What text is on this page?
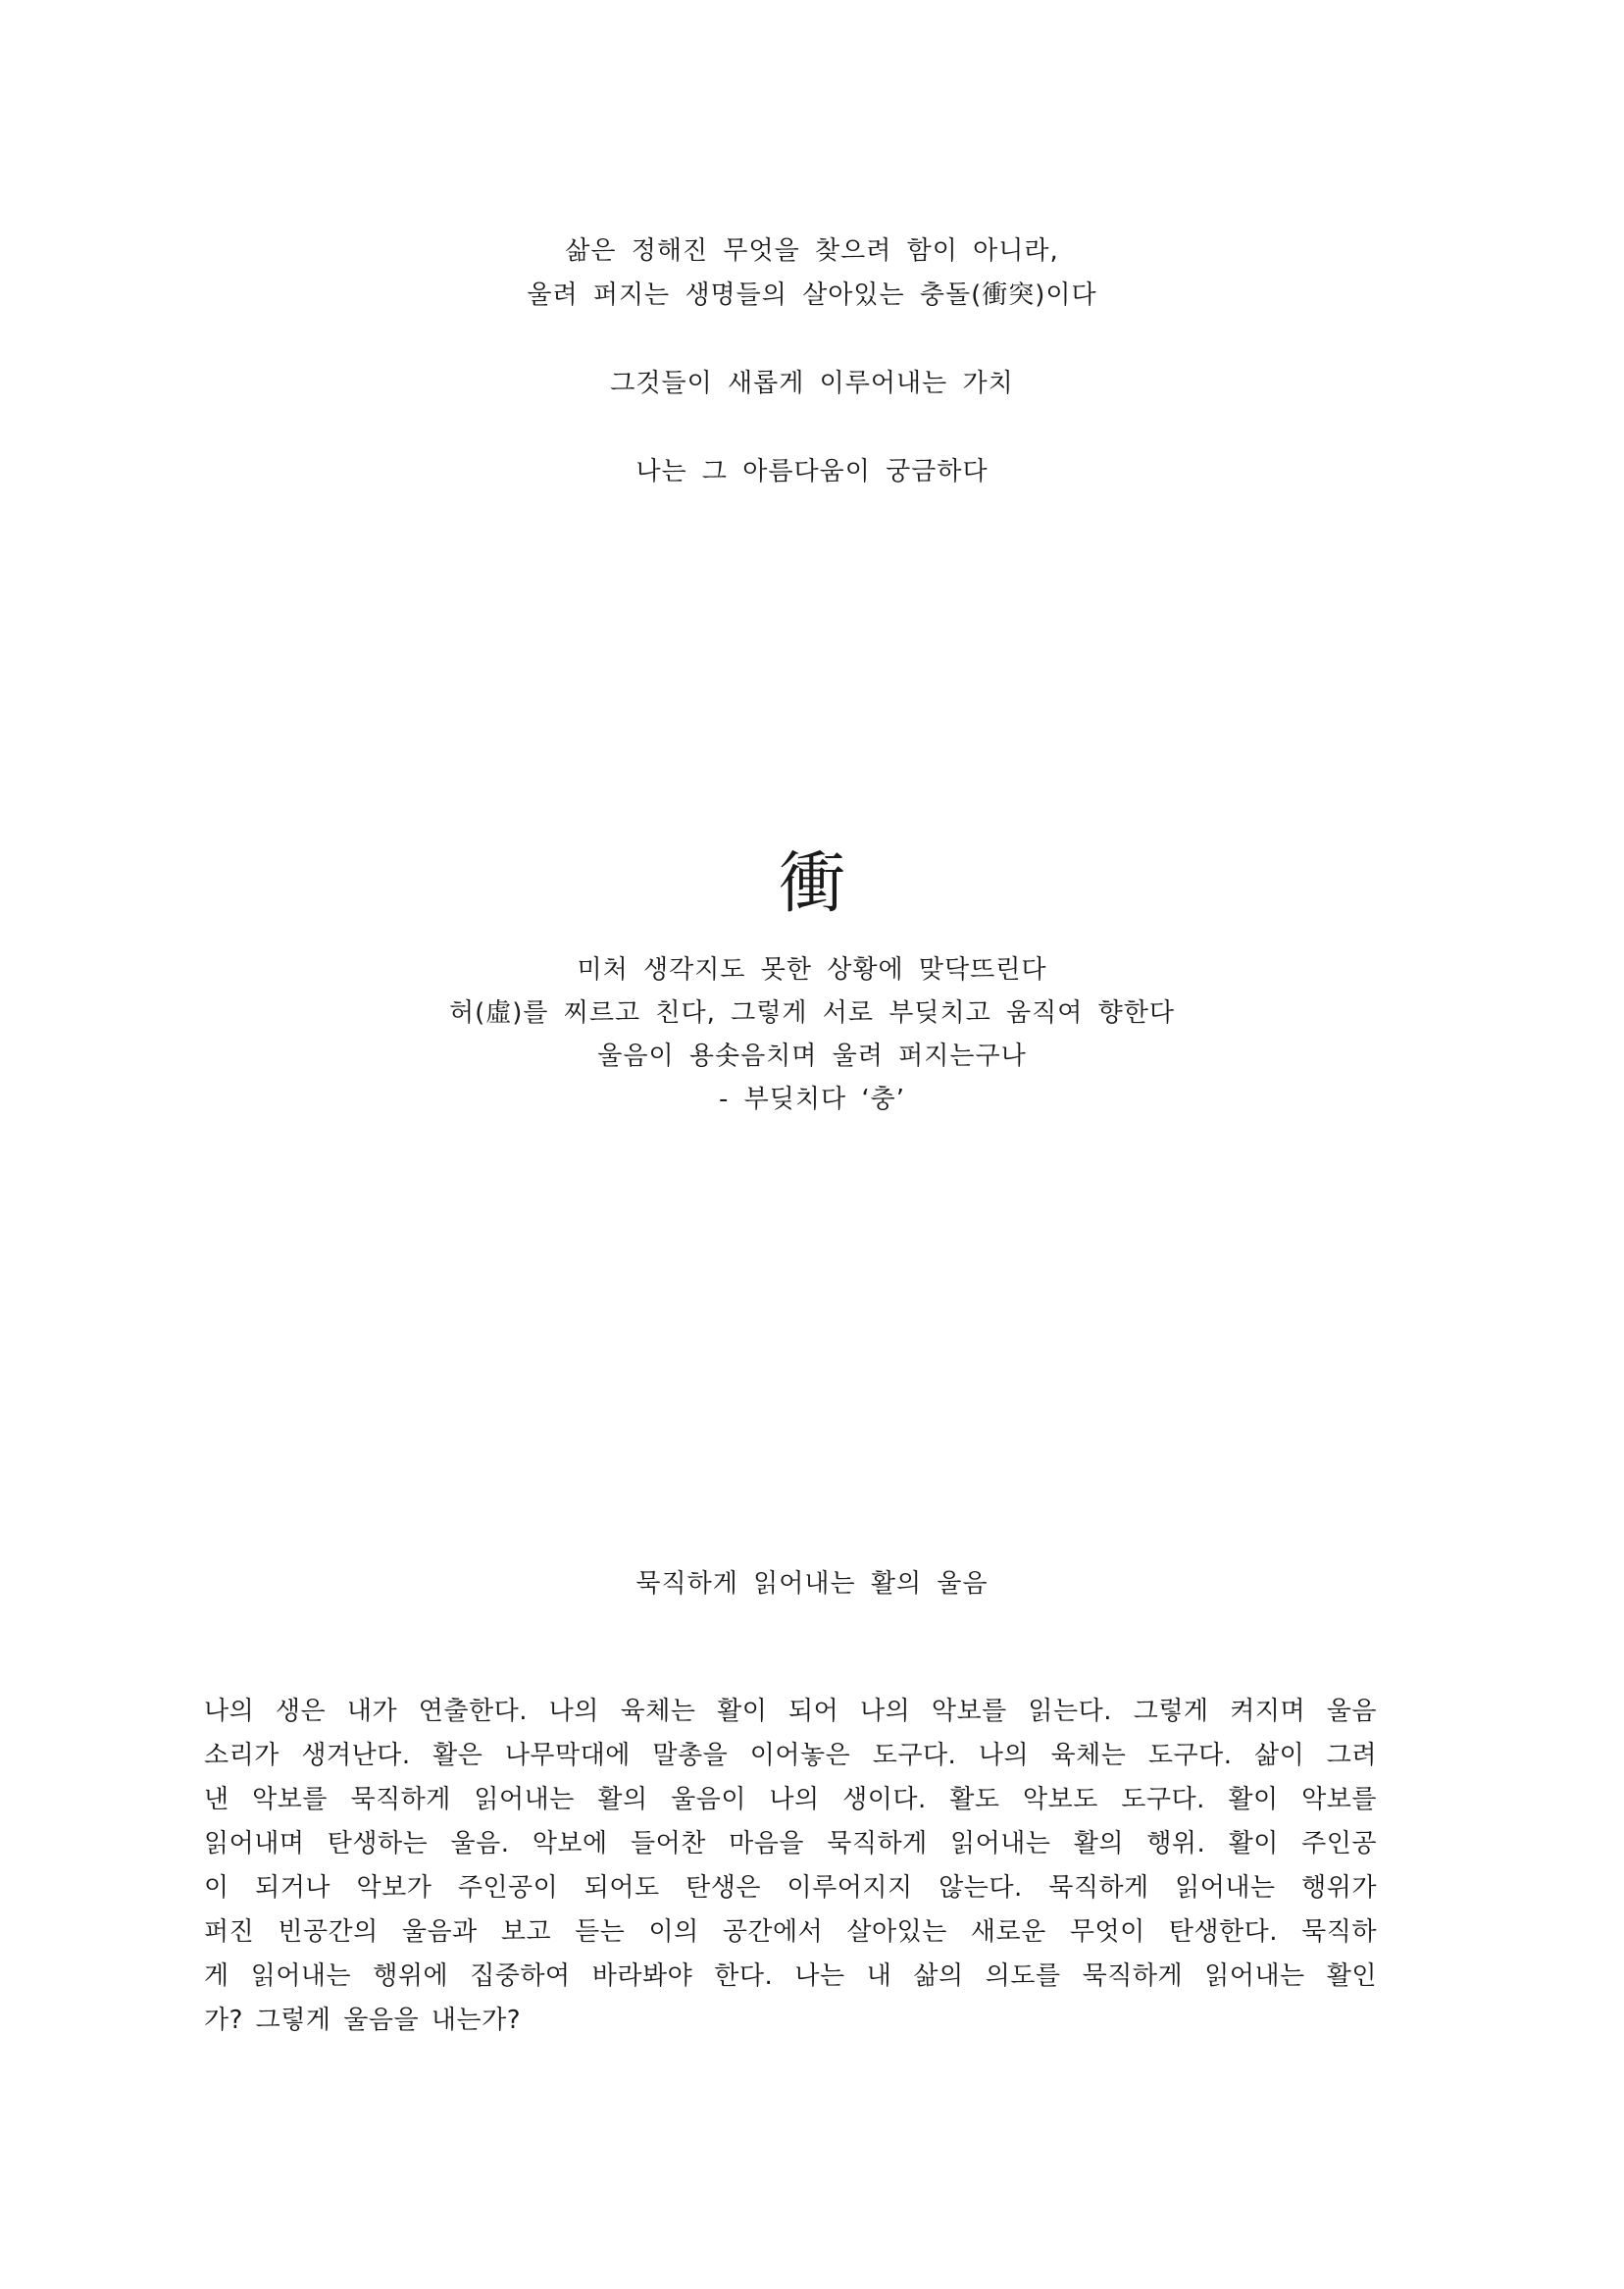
삶은 정해진 무엇을 찾으려 함이 아니라,
울려 퍼지는 생명들의 살아있는 충돌(衝突)이다
그것들이 새롭게 이루어내는 가치
나는 그 아름다움이 궁금하다
衝
미처 생각지도 못한 상황에 맞닥뜨린다
허(虛)를 찌르고 친다, 그렇게 서로 부딪치고 움직여 향한다
울음이 용솟음치며 울려 퍼지는구나
- 부딪치다 ‘충’
묵직하게 읽어내는 활의 울음
나의 생은 내가 연출한다. 나의 육체는 활이 되어 나의 악보를 읽는다. 그렇게 켜지며 울음
소리가 생겨난다. 활은 나무막대에 말총을 이어놓은 도구다. 나의 육체는 도구다. 삶이 그려
낸 악보를 묵직하게 읽어내는 활의 울음이 나의 생이다. 활도 악보도 도구다. 활이 악보를
읽어내며 탄생하는 울음. 악보에 들어찬 마음을 묵직하게 읽어내는 활의 행위. 활이 주인공
이 되거나 악보가 주인공이 되어도 탄생은 이루어지지 않는다. 묵직하게 읽어내는 행위가
퍼진 빈공간의 울음과 보고 듣는 이의 공간에서 살아있는 새로운 무엇이 탄생한다. 묵직하
게 읽어내는 행위에 집중하여 바라봐야 한다. 나는 내 삶의 의도를 묵직하게 읽어내는 활인
가? 그렇게 울음을 내는가?
